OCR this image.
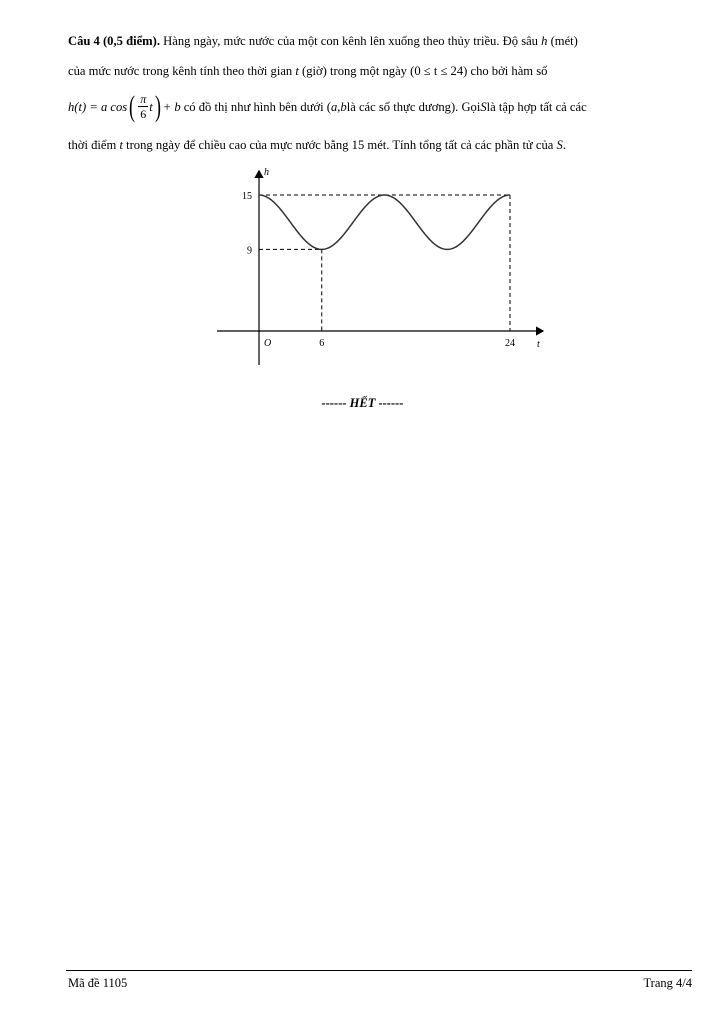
Câu 4 (0,5 điểm). Hàng ngày, mức nước của một con kênh lên xuống theo thủy triều. Độ sâu h (mét)
của mức nước trong kênh tính theo thời gian t (giờ) trong một ngày (0 ≤ t ≤ 24) cho bởi hàm số
h(t) = a cos ( $\frac{\pi}{6}$ t ) + b có đồ thị như hình bên dưới ( a,b là các số thực dương). Gọi S là tập hợp tất cả các
thời điểm t trong ngày để chiều cao của mực nước bằng 15 mét. Tính tổng tất cả các phần tử của S.
h
t
O
15
9
6	24
------ HẾT ------
Mã đề 1105	Trang 4/4
